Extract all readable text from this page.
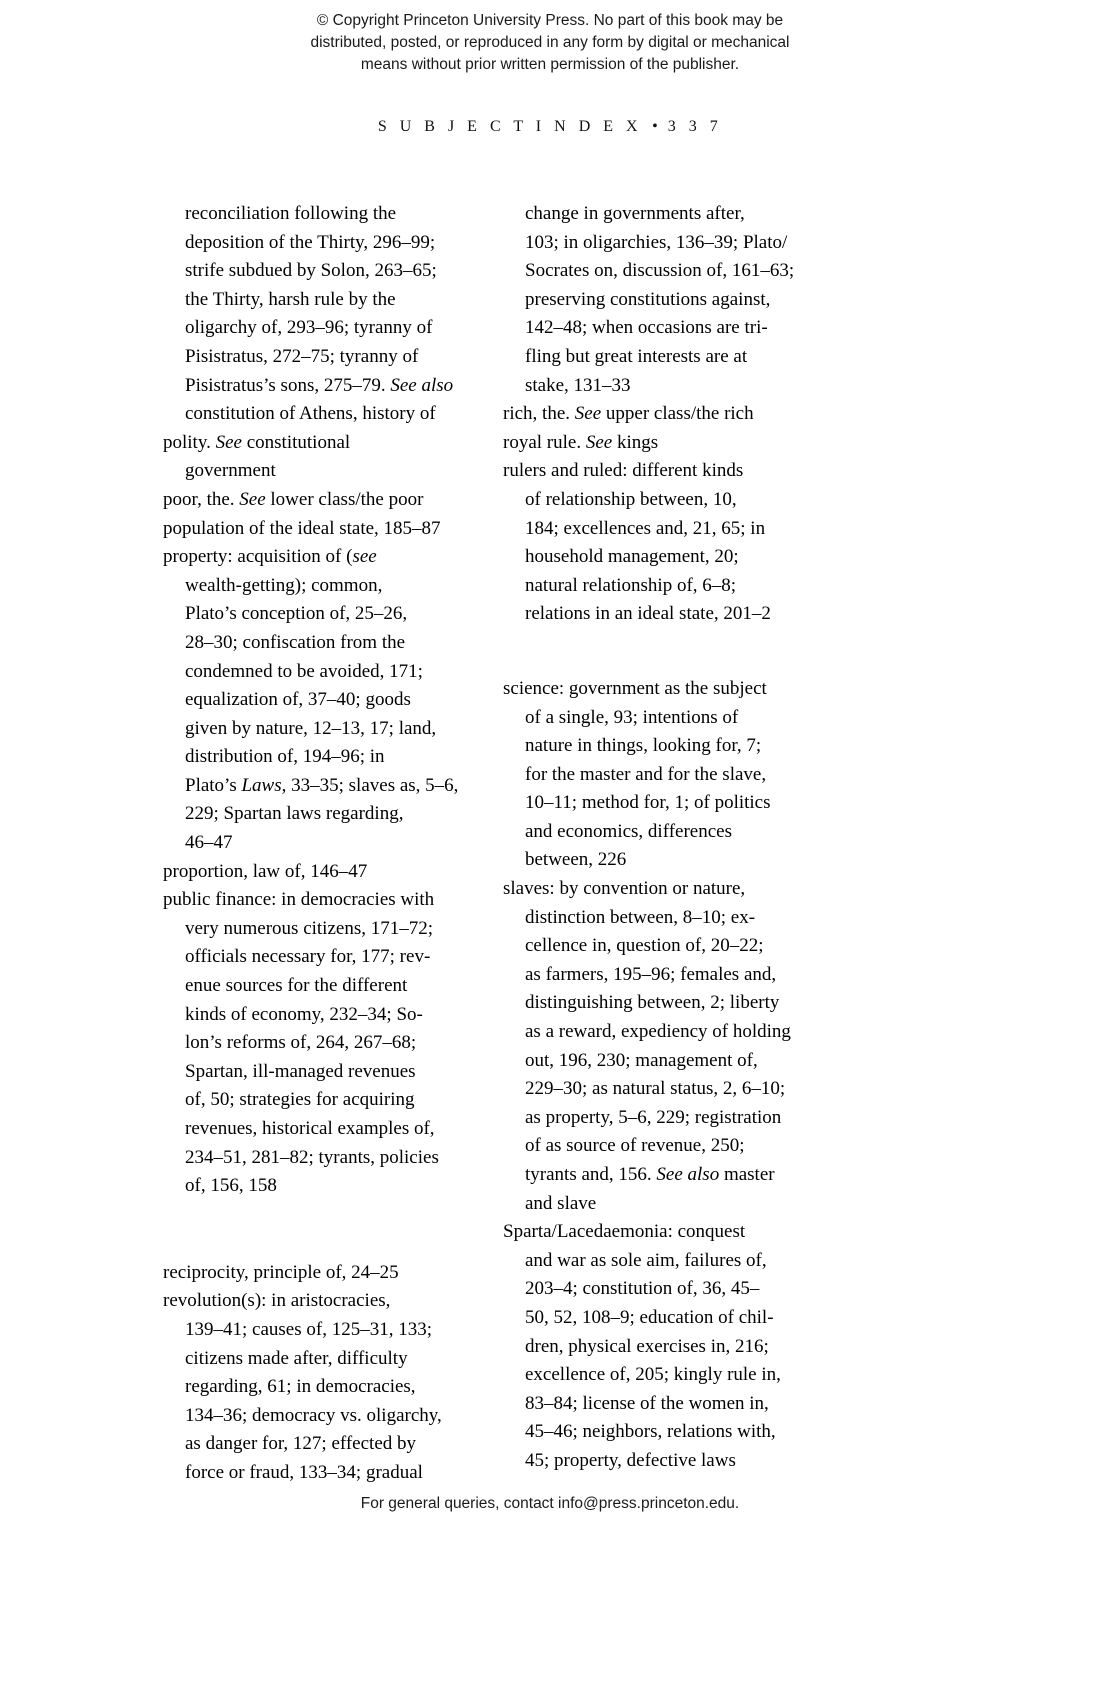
© Copyright Princeton University Press. No part of this book may be
distributed, posted, or reproduced in any form by digital or mechanical
means without prior written permission of the publisher.
S U B J E C T I N D E X • 3 3 7
reconciliation following the
deposition of the Thirty, 296–99;
strife subdued by Solon, 263–65;
the Thirty, harsh rule by the
oligarchy of, 293–96; tyranny of
Pisistratus, 272–75; tyranny of
Pisistratus’s sons, 275–79. See also
constitution of Athens, history of
polity. See constitutional
government
poor, the. See lower class/the poor
population of the ideal state, 185–87
property: acquisition of (see
wealth-getting); common,
Plato’s conception of, 25–26,
28–30; confiscation from the
condemned to be avoided, 171;
equalization of, 37–40; goods
given by nature, 12–13, 17; land,
distribution of, 194–96; in
Plato’s Laws, 33–35; slaves as, 5–6,
229; Spartan laws regarding,
46–47
proportion, law of, 146–47
public finance: in democracies with
very numerous citizens, 171–72;
officials necessary for, 177; rev-
enue sources for the different
kinds of economy, 232–34; So-
lon’s reforms of, 264, 267–68;
Spartan, ill-managed revenues
of, 50; strategies for acquiring
revenues, historical examples of,
234–51, 281–82; tyrants, policies
of, 156, 158
reciprocity, principle of, 24–25
revolution(s): in aristocracies,
139–41; causes of, 125–31, 133;
citizens made after, difficulty
regarding, 61; in democracies,
134–36; democracy vs. oligarchy,
as danger for, 127; effected by
force or fraud, 133–34; gradual
change in governments after,
103; in oligarchies, 136–39; Plato/
Socrates on, discussion of, 161–63;
preserving constitutions against,
142–48; when occasions are tri-
fling but great interests are at
stake, 131–33
rich, the. See upper class/the rich
royal rule. See kings
rulers and ruled: different kinds
of relationship between, 10,
184; excellences and, 21, 65; in
household management, 20;
natural relationship of, 6–8;
relations in an ideal state, 201–2
science: government as the subject
of a single, 93; intentions of
nature in things, looking for, 7;
for the master and for the slave,
10–11; method for, 1; of politics
and economics, differences
between, 226
slaves: by convention or nature,
distinction between, 8–10; ex-
cellence in, question of, 20–22;
as farmers, 195–96; females and,
distinguishing between, 2; liberty
as a reward, expediency of holding
out, 196, 230; management of,
229–30; as natural status, 2, 6–10;
as property, 5–6, 229; registration
of as source of revenue, 250;
tyrants and, 156. See also master
and slave
Sparta/Lacedaemonia: conquest
and war as sole aim, failures of,
203–4; constitution of, 36, 45–
50, 52, 108–9; education of chil-
dren, physical exercises in, 216;
excellence of, 205; kingly rule in,
83–84; license of the women in,
45–46; neighbors, relations with,
45; property, defective laws
For general queries, contact info@press.princeton.edu.
